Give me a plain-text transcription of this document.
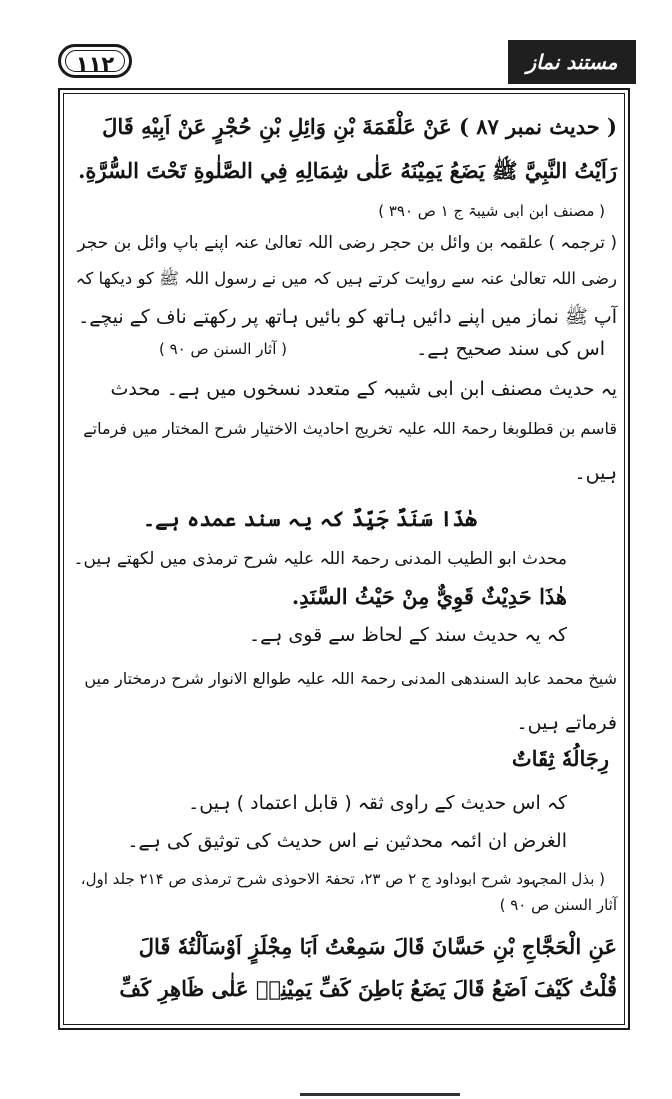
۱۱۲	مستند نماز حنفی
( حدیث نمبر ۸۷ ) عَنْ عَلْقَمَةَ بْنِ وَائِلِ بْنِ حُجْرٍ عَنْ اَبِيْهِ قَالَ
رَاَيْتُ النَّبِيَّ ﷺ يَضَعُ يَمِيْنَهُ عَلٰى شِمَالِهِ فِي الصَّلٰوةِ تَحْتَ السُّرَّةِ.
( مصنف ابن ابی شیبۃ ج ۱ ص ۳۹۰ )
( ترجمہ ) علقمہ بن وائل بن حجر رضی اللہ تعالیٰ عنہ اپنے باپ وائل بن حجر
رضی اللہ تعالیٰ عنہ سے روایت کرتے ہیں کہ میں نے رسول اللہ ﷺ کو دیکھا کہ
آپ ﷺ نماز میں اپنے دائیں ہاتھ کو بائیں ہاتھ پر رکھتے ناف کے نیچے۔
اس کی سند صحیح ہے۔
( آثار السنن ص ۹۰ )
یہ حدیث مصنف ابن ابی شیبہ کے متعدد نسخوں میں ہے۔ محدث
قاسم بن قطلوبغا رحمۃ اللہ علیہ تخریج احادیث الاختیار شرح المختار میں فرماتے
ہیں۔
هٰذَا سَنَدٌ جَيِّدٌ کہ یہ سند عمدہ ہے۔
محدث ابو الطیب المدنی رحمۃ اللہ علیہ شرح ترمذی میں لکھتے ہیں۔
هٰذَا حَدِيْثٌ قَوِيٌّ مِنْ حَيْثُ السَّنَدِ.
کہ یہ حدیث سند کے لحاظ سے قوی ہے۔
شیخ محمد عابد السندھی المدنی رحمۃ اللہ علیہ طوالع الانوار شرح درمختار میں
فرماتے ہیں۔
رِجَالُهٗ ثِقَاتٌ
کہ اس حدیث کے راوی ثقہ ( قابل اعتماد ) ہیں۔
الغرض ان ائمہ محدثین نے اس حدیث کی توثیق کی ہے۔
( بذل المجہود شرح ابوداود ج ۲ ص ۲۳، تحفۃ الاحوذی شرح ترمذی ص ۲۱۴ جلد اول،
آثار السنن ص ۹۰ )
عَنِ الْحَجَّاجِ بْنِ حَسَّانَ قَالَ سَمِعْتُ اَبَا مِجْلَزٍ اَوْسَاَلْتُهٗ قَالَ
قُلْتُ كَيْفَ اَضَعُ قَالَ يَضَعُ بَاطِنَ كَفِّ يَمِيْنِهٖ عَلٰى ظَاهِرِ كَفِّ
